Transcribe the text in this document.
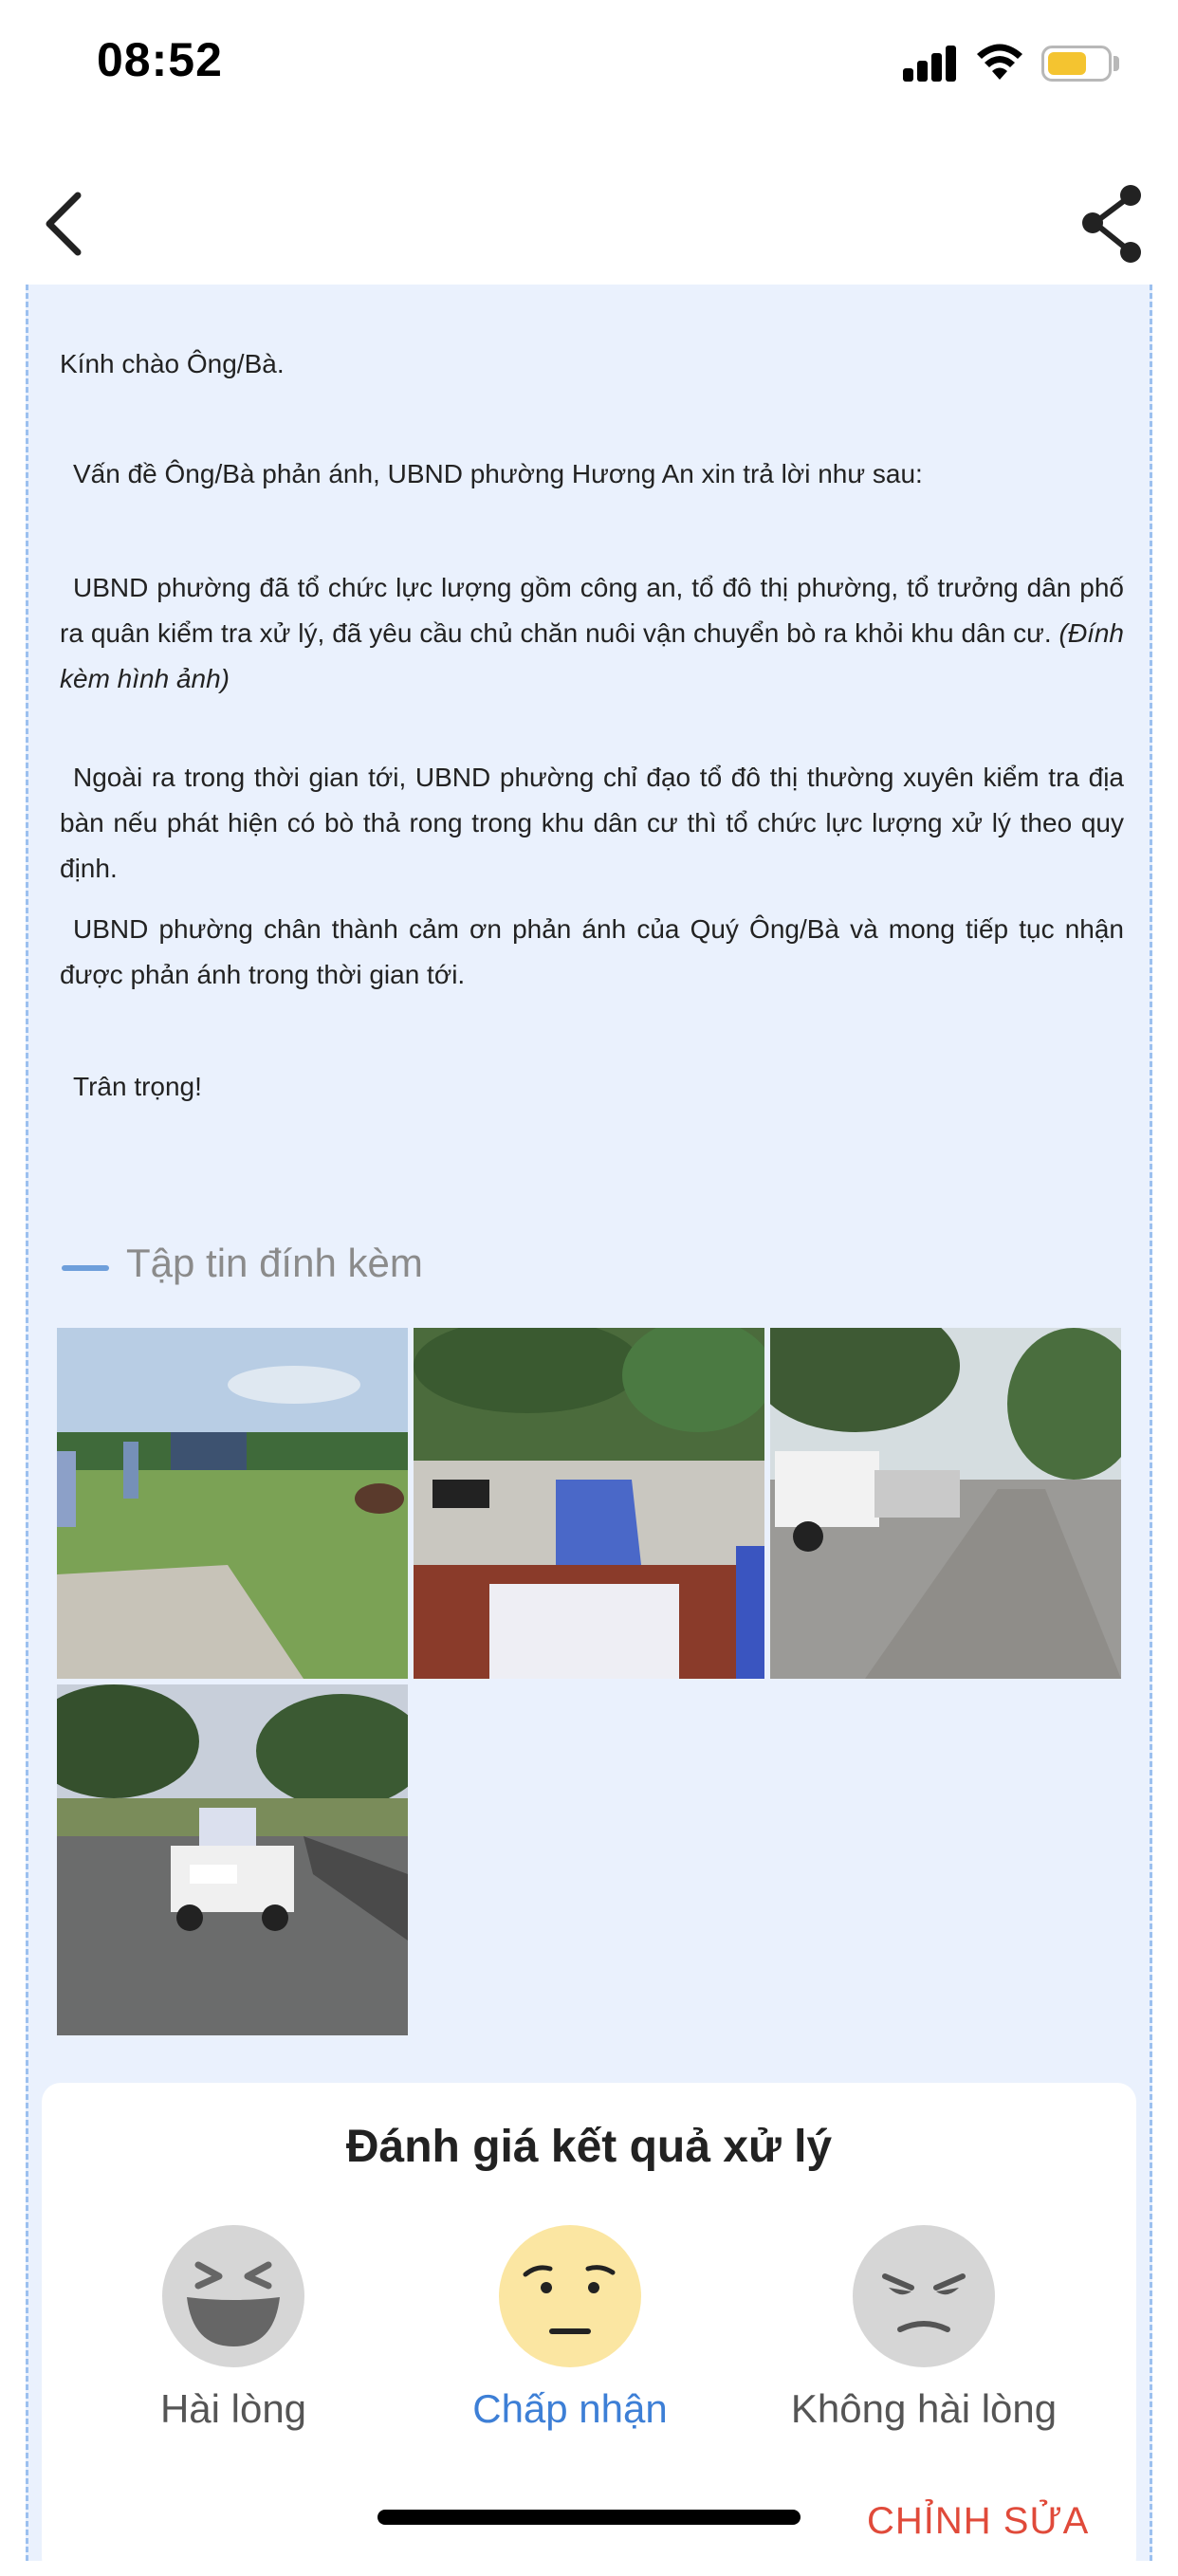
08:52

Kính chào Ông/Bà.

Vấn đề Ông/Bà phản ánh, UBND phường Hương An xin trả lời như sau:

UBND phường đã tổ chức lực lượng gồm công an, tổ đô thị phường, tổ trưởng dân phố ra quân kiểm tra xử lý, đã yêu cầu chủ chăn nuôi vận chuyển bò ra khỏi khu dân cư. (Đính kèm hình ảnh)

Ngoài ra trong thời gian tới, UBND phường chỉ đạo tổ đô thị thường xuyên kiểm tra địa bàn nếu phát hiện có bò thả rong trong khu dân cư thì tổ chức lực lượng xử lý theo quy định.

UBND phường chân thành cảm ơn phản ánh của Quý Ông/Bà và mong tiếp tục nhận được phản ánh trong thời gian tới.

Trân trọng!

Tập tin đính kèm
Đánh giá kết quả xử lý
Hài lòng	Chấp nhận	Không hài lòng
CHỈNH SỬA
